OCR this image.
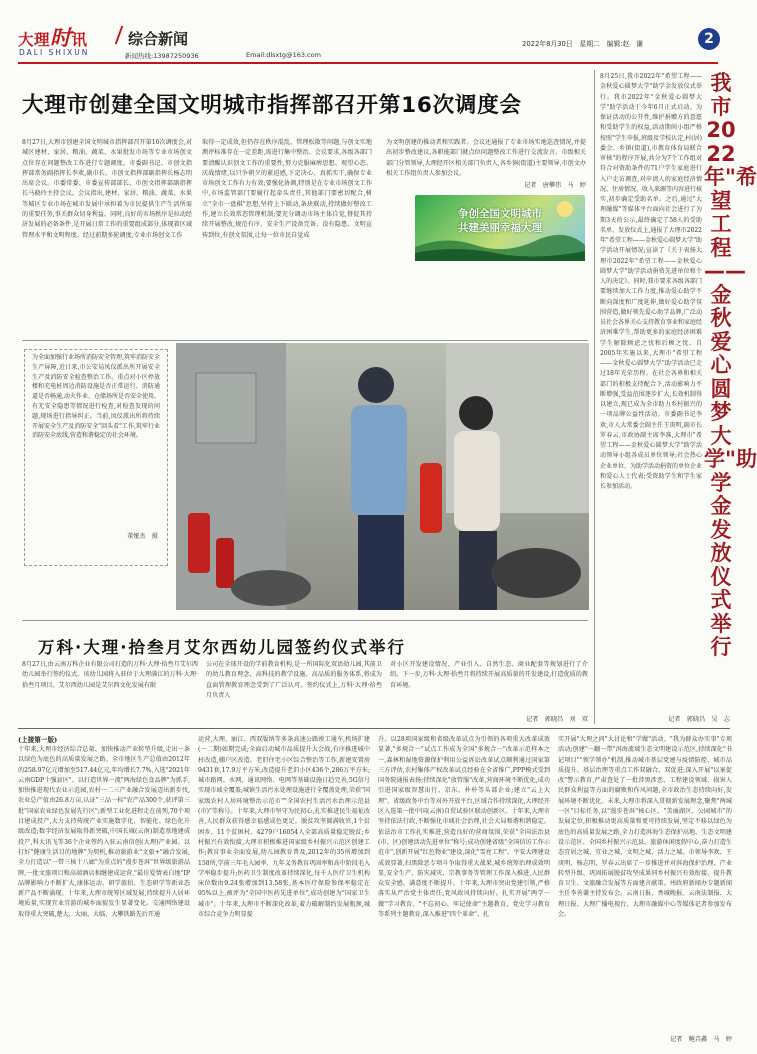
大理时讯
DALI SHIXUN
综合新闻
新闻热线:13987250936	Email:dlsxtg@163.com
2022年8月30日　星期二　编辑:赵　谦	2
大理市创建全国文明城市指挥部召开第16次调度会
8月27日,大理市创建全国文明城市指挥部召开第16次调度会,对城区建材、家居、粮油、蔬菜、水果批发市场等专业市场创文点位存在问题整改工作进行专题调度。市委副书记、市创文指挥部常务副指挥长李欢,副市长、市创文指挥部副指挥长杨志明出席会议。市委常委、市委宣传部部长、市创文指挥部副指挥长马晓玲主持会议。会议指出,建材、家居、粮油、蔬菜、水果等城区专业市场在城市发展中承担着为市民提供生产生活所需的重要任务,事关群众切身利益。同时,良好的市场秩序是拉动经济发展的必备条件,是开展日常工作的重要组成部分,体现着区域管理水平和文明程度。经过前期多轮调度,专业市场创文工作
取得一定成效,但仍存在秩序混乱、管理松散等问题,与创文实地测评标准存在一定差距,需进行集中整治。会议要求,各级各部门要清醒认识创文工作的重要性,努力克服麻痹思想、观望心态、厌战情绪,以只争朝夕的紧迫感,下定决心、真抓实干,确保专业市场创文工作有力有效;要强化协调,特别是在专业市场创文工作中,市场监管部门要履行起牵头责任,其他部门要密切配合,树立"全市一盘棋"思想,坚持上下联动,条块联动,持续做好整改工作,建立长效常态管理机制;要充分调动市场主体自觉,督促其持续开展整改,规范有序、安全生产设备完备、没有隐患、文明宣传到位,有创文氛围,让每一位市民自觉成
为文明创建的推动者和实践者。会议还通报了专业市场实地巡查情况,并提出初步整改建议,各职能部门就点位问题整改工作进行交流发言。市级相关部门分管领导,大理经开区相关部门负责人,各乡镇(街道)主要领导,市创文办相关工作组负责人参加会议。
记者　唐攀伟　马　婷
争创全国文明城市
共建美丽幸福大理
为全面加强行业场所消防安全管理,筑牢消防安全生产屏障,近日来,市公安局凤仪派出所开展安全生产及消防安全检查整治工作。重点对小区停放楼和充电桩周边消防设施是否正常运行、消防通道是否畅通,动火作业、仓储场所是否安全使用、有无安全隐患等情况进行检查,对检查发现的问题,现场进行指导纠正。当前,凤仪派出所将持续开展安全生产及消防安全"回头看"工作,筑牢行业消防安全底线,营造和谐稳定的社会环境。
董娅杰　摄
万科·大理·拾叁月艾尔西幼儿园签约仪式举行
8月27日,由云南万科企业有限公司打造的万科·大理·拾叁月艾尔西幼儿园举行签约仪式。该幼儿园将入驻位于大理满江的万科·大理·拾叁月项目。艾尔西幼儿园是艾尔西文化发展有限
公司在全球开设的学前教育机构,是一所国际化双语幼儿园,其前卫的幼儿教育理念、高科技的教学设施、高品质的服务体系,将成为直面管理教育理念受到了广泛认可。签约仪式上,万科·大理·拾叁月负责人
对小区开发建设情况、产业引入、自然生态、商业配套等规划进行了介绍。下一步,万科·大理·拾叁月将持续开展高质量的开发建设,打造优质的教育环境。
记者　郭晓昌　刘　双
8月25日,我市2022年"希望工程——金秋爱心圆梦大学"助学金发放仪式举行。我市2022年"金秋爱心圆梦大学"助学活动于今年6月正式启动。为保证活动的公开性,维护捐赠方的意愿和受助学生的权益,活动期间小组严格按照"学生申报,班级及学校认定,村(居)委会、乡镇(街道),市教育体育局联合审核"的程序开展,共分为7个工作组对符合对资助条件的71户学生家庭进行入户走访调查,对申请人的家庭经济情况、住房情况、收入来源等内容进行核实,初步确定受助名单。之后,通过"大理融媒"等媒体平台面向社会进行了为期3天的公示,最终确定了58人的受助名单。发放仪式上,通报了大理市2022年"希望工程——金秋爱心圆梦大学"助学活动开展情况;宣读了《关于表扬大理市2022年"希望工程——金秋爱心圆梦大学"助学活动捐资先进单位和个人的决定》。同时,我市要求各级各部门要继续加大工作力度,推动爱心助学不断向深度和广度延伸,做好爱心助学氛围营造,做好领先爱心助学品牌,广泛动员社会各界关心支持教育事业和家庭经济困难学生,帮助更多的家庭经济困难学生解除顾虑之忧和后顾之忧。自2005年实施以来,大理市"希望工程——金秋爱心圆梦大学"助学活动已走过18年光荣历程。在社会各界和相关部门的积极支持配合下,活动影响力不断增强,受益范围逐步扩大,长效机制得以建立,现已成为全市助力乡村振兴的一项品牌公益性活动。市委副书记李欢,市人大常委会副主任王庚明,副市长罗春云,市政协副主席李准,大理市"希望工程——金秋爱心圆梦大学"助学活动领导小组各成员单位领导;社会热心企业单位、为助学活动捐资的单位企业和爱心人士代表;受资助学生和学生家长参加活动。
我市2022年"希望工程——金秋爱心圆梦大学"助学金发放仪式举行
记者　郭晓昌　吴　志
(上接第一版)
十年来,大理市经济综合总量、加快推动产业转型升级,走出一条以绿色为底色的高质量发展之路。全市地区生产总值由2012年的258.97亿元增加至517.44亿元,年均增长7.7%,入选"2021年云南GDP十强县区"。以打造世界一流"两海绿色食品牌"为抓手,加快推进现代农业示范园,农村一二三产业融合发展迈出新步伐,农业总产值由26.8万亩,认证"三品一标"农产品300个,获评第三批"国家农业绿色发展先行区";新型工业化进程走在前列,70个项目建成投产,大力支持传统产业实施数字化、智能化、绿色化升级改造;数字经济发展取得新突破,中国长城(云南)制造基地建成投产,科大讯飞等36个企业签约入驻云南信创(大理)产业园。以打好"健康生活目的地牌"为契机,推动旅游业"文旅+"融合发展,全力打造以"一带三核十八廊"为重点的"漫步苍洱"世界级旅游品牌,一批文旅项目和高端酒店相继建成运营,"最佳爱情表白地"IP品牌影响力不断扩大,康体运动、研学旅拍、生态研学等新业态新产品不断涌现。十年来,大理市统筹区域发展,持续提升人居环境质量,实现宜业宜游的城乡面貌发生显著变化。交通网络建设取得重大突破,楚大、大丽、大临、大攀铁路先后开通
运营,大理、丽江、西双版纳等多条高速公路竣工通车,机场扩建(一二期)如期完成;全面启动城市品质提升大会战,有序推进城中村改造,棚户区改造、老旧住宅小区综合整治等工作,新建安置房9431套,17.9万平方米,改造提升老旧小区436个,286万平方米;城市路网、水网、通讯网络、电网等基础设施日趋完善,5G信号实现市域全覆盖;城镇生活污水处理设施进行全覆盖处理,荣获"国家级农村人居环境整治示范市""全国农村生活污水治理示范县(市)"等称号。十年来,大理市坚守为民初心,扎实推进民生福祉改善,人民群众获得感幸福感成色更足。脱贫攻坚圆满收官,1个贫困乡、11个贫困村、4279户16054人全部高质量稳定脱贫;乡村振兴有效衔接,大理市积极推进国家级乡村振兴示范区创建工作;教育事业全面发展,幼儿园教育普及,2012年的35所增加到158所,学前三年毛入园率、九年义务教育巩固率和高中阶段毛入学率稳步提升;医药卫生制度改革持续深化,每千人医疗卫生机构床位数由9.24张增加到13.58张,基本医疗保险参保率稳定在95%以上,被评为"全国中医药先进单位",成功创建为"国家卫生城市"。十年来,大理市不断深化改革,着力破解制约发展瓶颈,城市综合竞争力明显提
升。以28项国家级和省级改革试点为引领的各项重大改革成效显著,"多规合一"试点工作成为全国"多规合一"改革示范样本之一,森林和湿地资源保护利用公益诉讼改革试点顺利通过国家第三方评估,农村集体产权改革试点经验在全省推广,PPP模式受到国务院通报表扬;持续深化"放管服"改革,营商环境不断优化,成功引进国家级智慧出行、京东、朴朴等头部企业;建立"云上大理"、省级政务中台等对外开放平台,区域合作持续深化,大理经开区入选第一批中国(云南)自贸试验区联动创新区。十年来,大理市坚持依法行政,不断强化市域社会治理,社会大局和谐和谐稳定。依法治市工作扎实推进,营造良好的营商氛围,荣获"全国法治县(市、区)创建活动先进单位"称号;成功创建省级"全国信访工作示范市",创新开展"红色物业"建设,深化"雪亮工程"、平安大理建设成效显著,扫黑除恶专项斗争取得重大战果,城乡统筹治理成效明显,安全生产、防灾减灾、宗教事务等管理工作深入推进,人民群众安全感、满意度不断提升。十年来,大理市突出党建引领,严格落实从严治党主体责任,党风政风持续向好。扎实开展"两学一做"学习教育、"不忘初心、牢记使命"主题教育、党史学习教育等系列主题教育,深入推进"四个革命"、扎
实开展"大理之问"大讨论和"学做"活动、"我为群众办实事"专项活动;创建"一翻一带"洱海流域生态文明建设示范区,持续深化"书记项目""领学领办"机制,推动城市基层党建与疫情防控、城市品质提升、基层治理等重点工作双融合、双促进;深入开展"以案促改"警示教育,严肃查处了一批涉黑涉恶、工程建设领域、损害人民群众利益等方面的腐败和作风问题,全市政治生态持续向好,发展环境不断优化。未来,大理市将深入贯彻新发展理念,聚焦"两城一区"目标任务,以"漫步苍洱"核心区、"美丽湖区、公园城市"的发展定位,积极推动更高质量和更可持续发展,坚定不移以绿色为底色的高质量发展之路,全力打造洱海生态保护高地、生态文明建设示范区、全国乡村振兴示范县、旅游休闲度假中心,奋力打造生态宜居之城、宜业之城、文明之城、活力之城。市领导李欢、王庚明、杨志明、罗春云出席了一步推进并对洱海保护治理、产业转型升级、巩固拓展脱贫攻坚成果同乡村振兴有效衔接、提升教育卫生、文旅融合发展等方面建言献策。州政府新闻办专题新闻主任李善谦主持发布会。云南日报、香城晚报、云南法制报、大理日报、大理广播电视台、大理市融媒中心等媒体记者参加发布会。
记者　鲍垚鑫　马　婷
